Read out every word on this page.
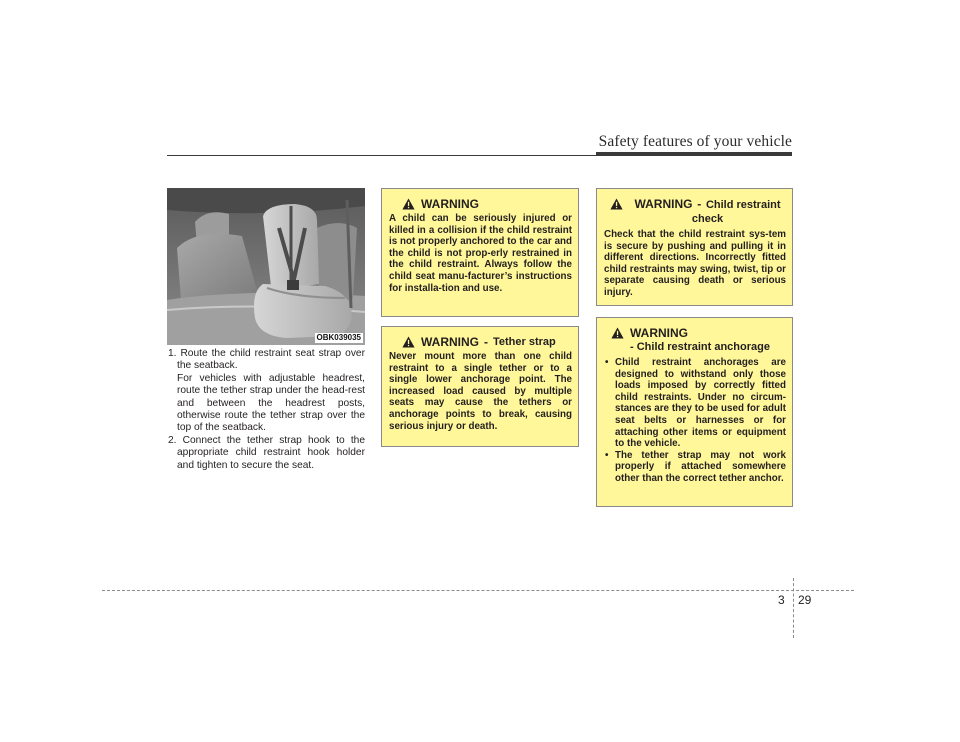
Safety features of your vehicle
OBK039035
1. Route the child restraint seat strap over the seatback.
For vehicles with adjustable headrest, route the tether strap under the head-rest and between the headrest posts, otherwise route the tether strap over the top of the seatback.
2. Connect the tether strap hook to the appropriate child restraint hook holder and tighten to secure the seat.
WARNING
A child can be seriously injured or killed in a collision if the child restraint is not properly anchored to the car and the child is not prop-erly restrained in the child restraint. Always follow the child seat manu-facturer’s instructions for installa-tion and use.
WARNING - Tether strap
Never mount more than one child restraint to a single tether or to a single lower anchorage point. The increased load caused by multiple seats may cause the tethers or anchorage points to break, causing serious injury or death.
WARNING - Child restraint check
Check that the child restraint sys-tem is secure by pushing and pulling it in different directions. Incorrectly fitted child restraints may swing, twist, tip or separate causing death or serious injury.
WARNING
- Child restraint anchorage
• Child restraint anchorages are designed to withstand only those loads imposed by correctly fitted child restraints. Under no circum-stances are they to be used for adult seat belts or harnesses or for attaching other items or equipment to the vehicle.
• The tether strap may not work properly if attached somewhere other than the correct tether anchor.
3 29
